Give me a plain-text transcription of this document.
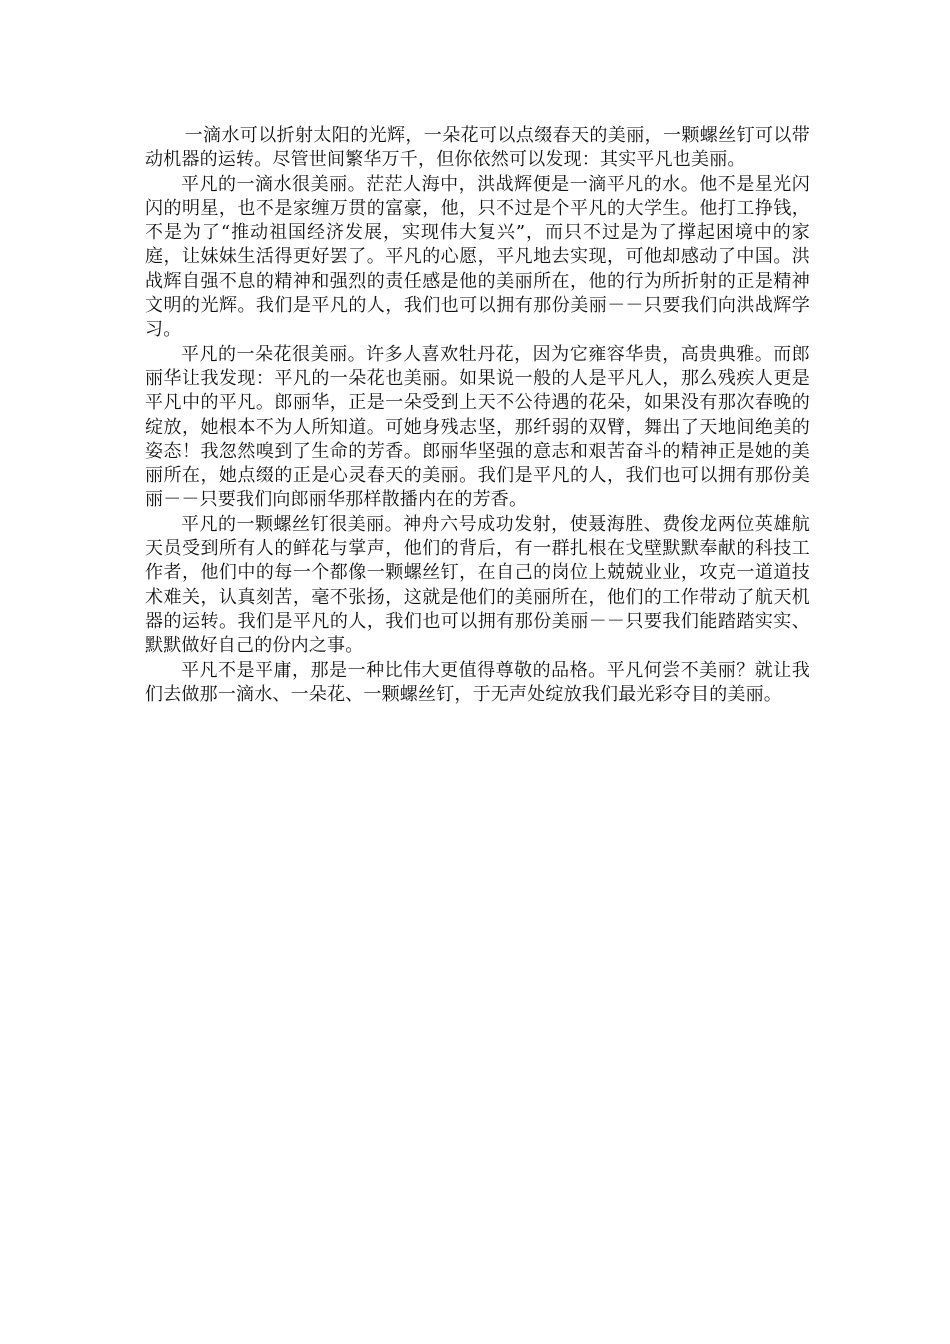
一滴水可以折射太阳的光辉，一朵花可以点缀春天的美丽，一颗螺丝钉可以带动机器的运转。尽管世间繁华万千，但你依然可以发现：其实平凡也美丽。

平凡的一滴水很美丽。茫茫人海中，洪战辉便是一滴平凡的水。他不是星光闪闪的明星，也不是家缠万贯的富豪，他，只不过是个平凡的大学生。他打工挣钱，不是为了“推动祖国经济发展，实现伟大复兴”，而只不过是为了撑起困境中的家庭，让妹妹生活得更好罢了。平凡的心愿，平凡地去实现，可他却感动了中国。洪战辉自强不息的精神和强烈的责任感是他的美丽所在，他的行为所折射的正是精神文明的光辉。我们是平凡的人，我们也可以拥有那份美丽－－只要我们向洪战辉学习。

平凡的一朵花很美丽。许多人喜欢牡丹花，因为它雍容华贵，高贵典雅。而郎丽华让我发现：平凡的一朵花也美丽。如果说一般的人是平凡人，那么残疾人更是平凡中的平凡。郎丽华，正是一朵受到上天不公待遇的花朵，如果没有那次春晚的绽放，她根本不为人所知道。可她身残志坚，那纤弱的双臂，舞出了天地间绝美的姿态！我忽然嗅到了生命的芳香。郎丽华坚强的意志和艰苦奋斗的精神正是她的美丽所在，她点缀的正是心灵春天的美丽。我们是平凡的人，我们也可以拥有那份美丽－－只要我们向郎丽华那样散播内在的芳香。

平凡的一颗螺丝钉很美丽。神舟六号成功发射，使聂海胜、费俊龙两位英雄航天员受到所有人的鲜花与掌声，他们的背后，有一群扎根在戈壁默默奉献的科技工作者，他们中的每一个都像一颗螺丝钉，在自己的岗位上兢兢业业，攻克一道道技术难关，认真刻苦，毫不张扬，这就是他们的美丽所在，他们的工作带动了航天机器的运转。我们是平凡的人，我们也可以拥有那份美丽－－只要我们能踏踏实实、默默做好自己的份内之事。

平凡不是平庸，那是一种比伟大更值得尊敬的品格。平凡何尝不美丽？就让我们去做那一滴水、一朵花、一颗螺丝钉，于无声处绽放我们最光彩夺目的美丽。
